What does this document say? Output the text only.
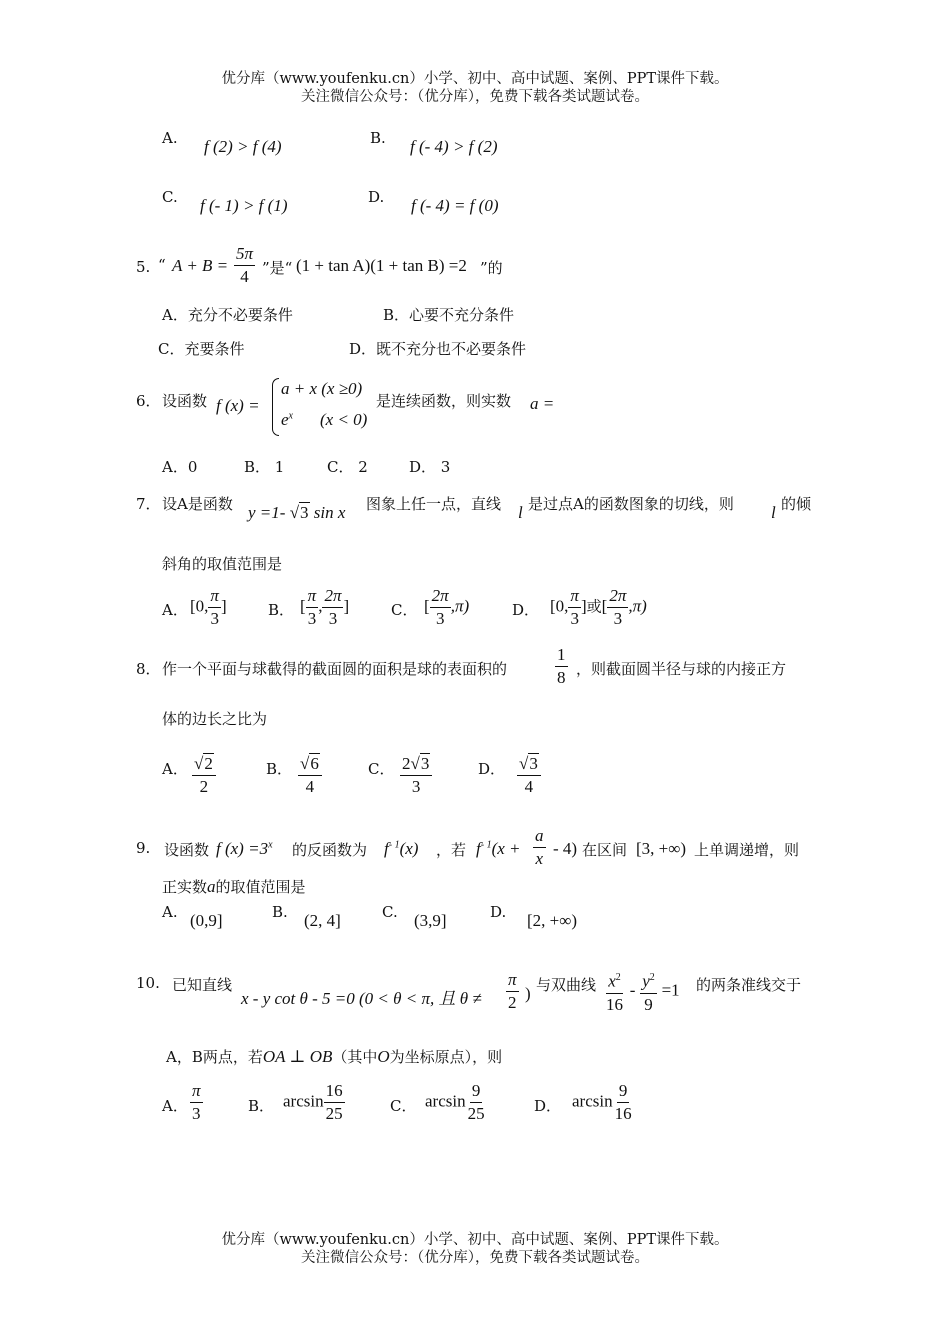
优分库（www.youfenku.cn）小学、初中、高中试题、案例、PPT课件下载。
关注微信公众号：（优分库），免费下载各类试题试卷。
A. f (2) > f (4)	B. f (- 4) > f (2)
C. f (- 1) > f (1)	D. f (- 4) = f (0)
5. “ $A + B = \frac{5\pi}{4}$ ”是“ (1 + tan A)(1 + tan B) =2 ”的
A．充分不必要条件	B．心要不充分条件
C．充要条件	D．既不充分也不必要条件
6． 设函数 f (x) =
a + x (x ≥0)
$e^x$ (x < 0)
是连续函数，则实数 a =
A．0	B． 1	C． 2	D． 3
7． 设A是函数 y =1- √3 sin x 图象上任一点，直线 l 是过点A的函数图象的切线，则 l 的倾
斜角的取值范围是
A． [0, $\frac{\pi}{3}$ ]	B． [ $\frac{\pi}{3}$ , $\frac{2\pi}{3}$ ]	C． [ $\frac{2\pi}{3} ,\pi$)	D． [0, $\frac{\pi}{3}$ ]或[ $\frac{2\pi}{3} ,\pi$)
8． 作一个平面与球截得的截面圆的面积是球的表面积的	$\frac{1}{8}$ ，则截面圆半径与球的内接正方
体的边长之比为
A． $\frac{√2}{2}$	B． $\frac{√6}{4}$	C． $\frac{2√3}{3}$	D． $\frac{√3}{4}$
9. 设函数 f $(x) =3^x$ 的反函数为 $f^{- 1}(x)$ ，若 $f^{- 1}(x + \frac{a}{x} - 4)$ 在区间 [3, +∞) 上单调递增，则
正实数a的取值范围是
A. (0,9]	B. (2, 4]	C. (3,9]	D. [2, +∞)
10. 已知直线
x - y cot θ - 5 =0 (0 < θ < π, 且 $\theta \ne \frac{\pi}{2}$ ) 与双曲线 $\frac{x^2}{16} - \frac{y^2}{9} =1$ 的两条准线交于
A，B两点，若OA ⊥ OB（其中O为坐标原点），则
A． $\frac{\pi}{3}$	B． $\arcsin \frac{16}{25}$	C． $\arcsin \frac{9}{25}$	D． $\arcsin \frac{9}{16}$
优分库（www.youfenku.cn）小学、初中、高中试题、案例、PPT课件下载。
关注微信公众号：（优分库），免费下载各类试题试卷。
